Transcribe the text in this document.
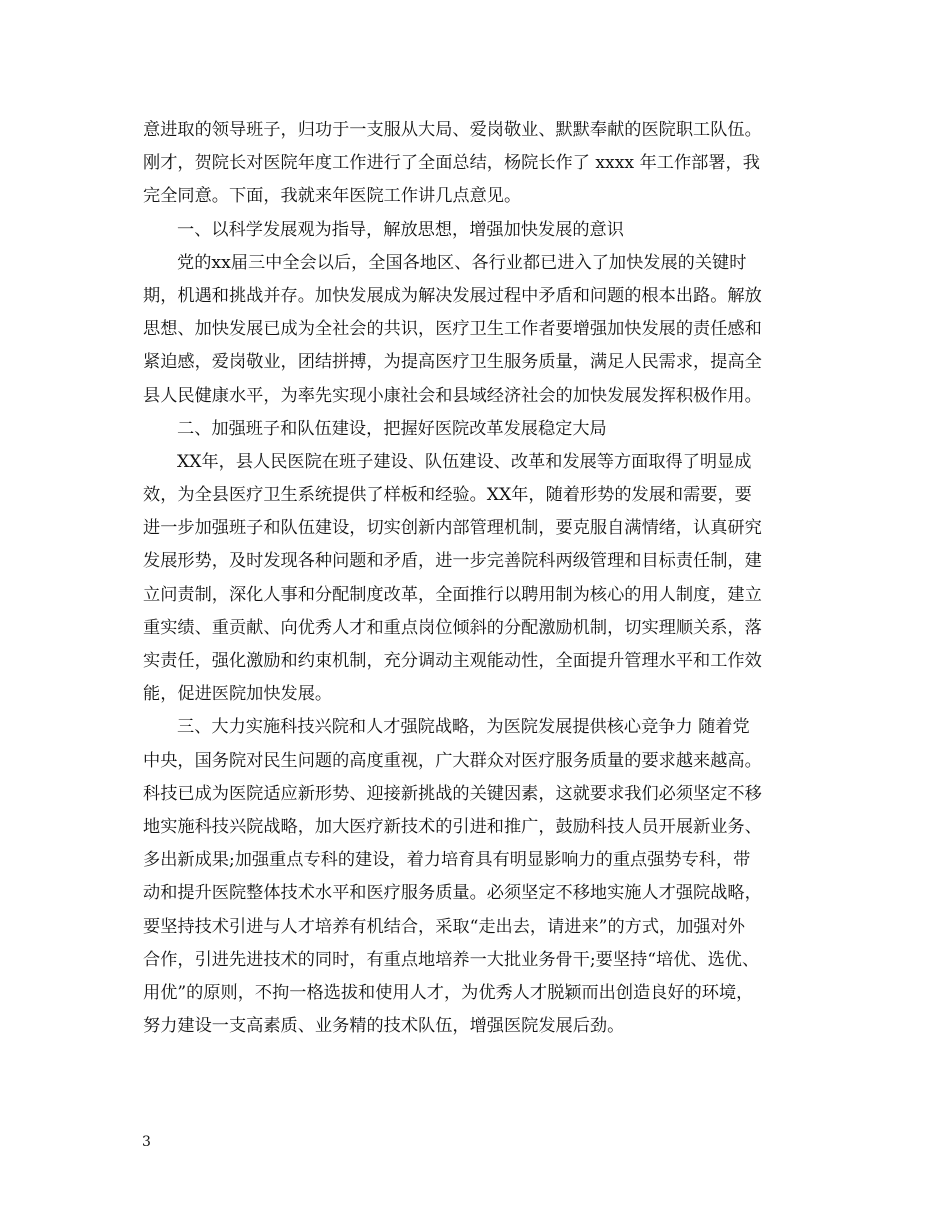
意进取的领导班子，归功于一支服从大局、爱岗敬业、默默奉献的医院职工队伍。
刚才，贺院长对医院年度工作进行了全面总结，杨院长作了 xxxx 年工作部署，我
完全同意。下面，我就来年医院工作讲几点意见。
一、以科学发展观为指导，解放思想，增强加快发展的意识
党的xx届三中全会以后，全国各地区、各行业都已进入了加快发展的关键时
期，机遇和挑战并存。加快发展成为解决发展过程中矛盾和问题的根本出路。解放
思想、加快发展已成为全社会的共识，医疗卫生工作者要增强加快发展的责任感和
紧迫感，爱岗敬业，团结拼搏，为提高医疗卫生服务质量，满足人民需求，提高全
县人民健康水平，为率先实现小康社会和县域经济社会的加快发展发挥积极作用。
二、加强班子和队伍建设，把握好医院改革发展稳定大局
XX年，县人民医院在班子建设、队伍建设、改革和发展等方面取得了明显成
效，为全县医疗卫生系统提供了样板和经验。XX年，随着形势的发展和需要，要
进一步加强班子和队伍建设，切实创新内部管理机制，要克服自满情绪，认真研究
发展形势，及时发现各种问题和矛盾，进一步完善院科两级管理和目标责任制，建
立问责制，深化人事和分配制度改革，全面推行以聘用制为核心的用人制度，建立
重实绩、重贡献、向优秀人才和重点岗位倾斜的分配激励机制，切实理顺关系，落
实责任，强化激励和约束机制，充分调动主观能动性，全面提升管理水平和工作效
能，促进医院加快发展。
三、大力实施科技兴院和人才强院战略，为医院发展提供核心竞争力 随着党
中央，国务院对民生问题的高度重视，广大群众对医疗服务质量的要求越来越高。
科技已成为医院适应新形势、迎接新挑战的关键因素，这就要求我们必须坚定不移
地实施科技兴院战略，加大医疗新技术的引进和推广，鼓励科技人员开展新业务、
多出新成果;加强重点专科的建设，着力培育具有明显影响力的重点强势专科，带
动和提升医院整体技术水平和医疗服务质量。必须坚定不移地实施人才强院战略，
要坚持技术引进与人才培养有机结合，采取“走出去，请进来”的方式，加强对外
合作，引进先进技术的同时，有重点地培养一大批业务骨干;要坚持“培优、选优、
用优”的原则，不拘一格选拔和使用人才，为优秀人才脱颖而出创造良好的环境，
努力建设一支高素质、业务精的技术队伍，增强医院发展后劲。
3
